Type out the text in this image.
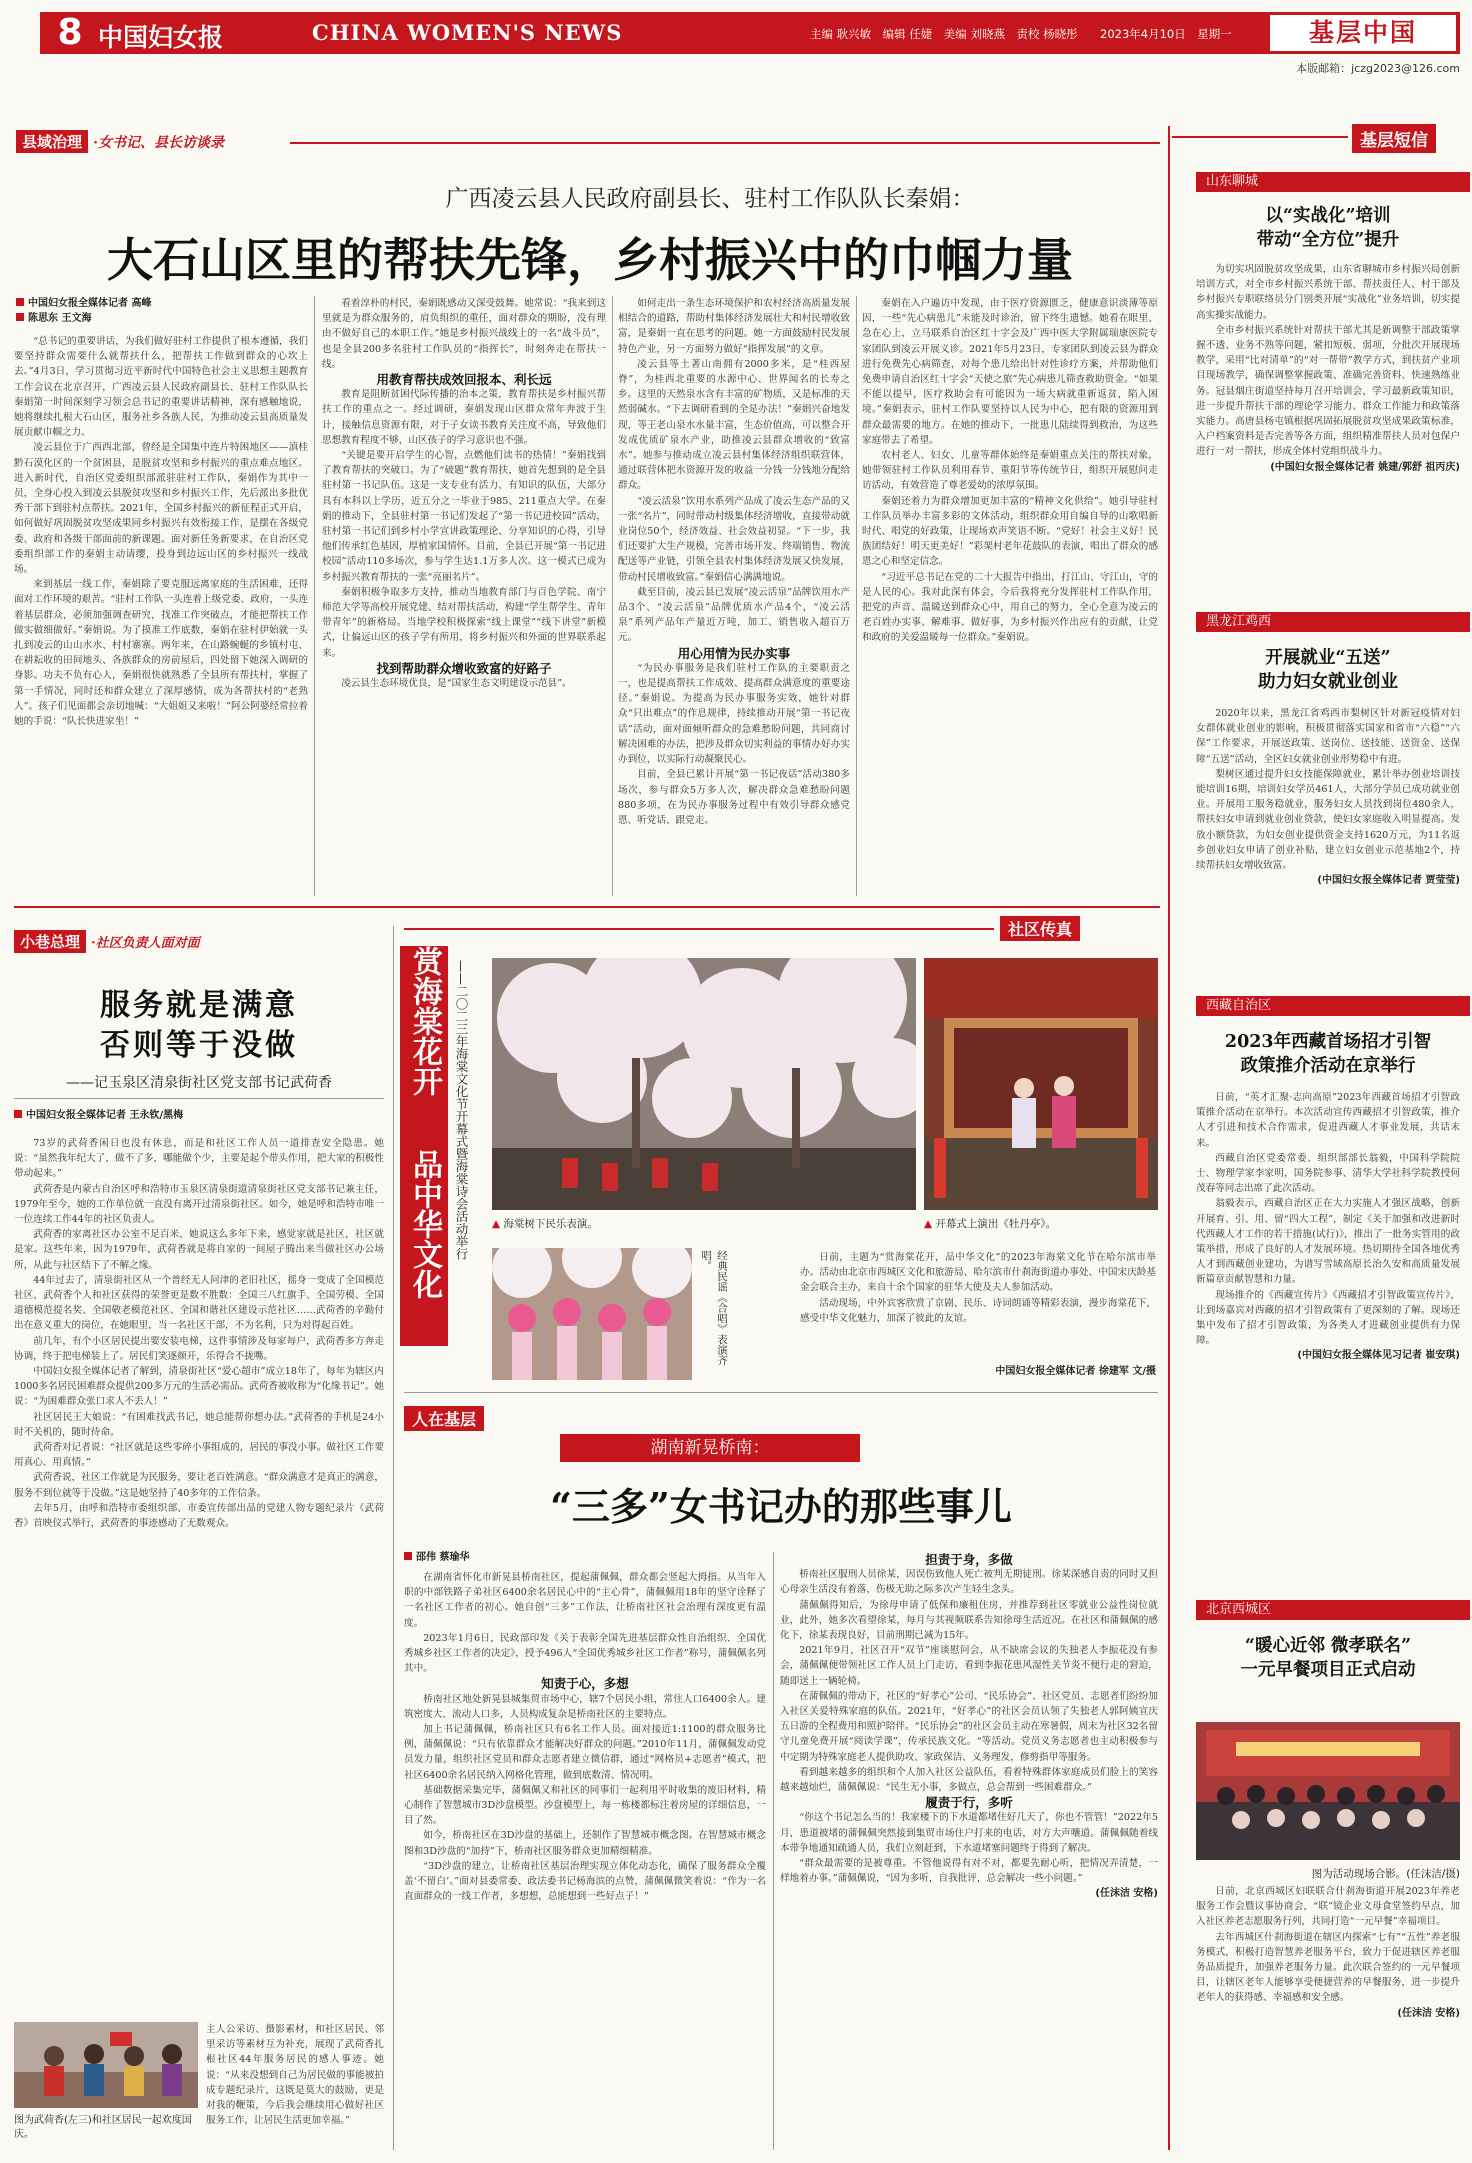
8 中国妇女报	CHINA WOMEN'S NEWS	主编 耿兴敏　编辑 任婕　美编 刘晓燕　责校 杨晓彤 2023年4月10日　星期一	基层中国
本版邮箱：jczg2023@126.com
县域治理 ·女书记、县长访谈录
广西凌云县人民政府副县长、驻村工作队队长秦娟：
大石山区里的帮扶先锋，乡村振兴中的巾帼力量
中国妇女报全媒体记者 高峰
陈思东 王文海

“总书记的重要讲话，为我们做好驻村工作提供了根本遵循，我们要坚持群众需要什么就帮扶什么，把帮扶工作做到群众的心坎上去。”4月3日，学习贯彻习近平新时代中国特色社会主义思想主题教育工作会议在北京召开，广西凌云县人民政府副县长、驻村工作队队长秦娟第一时间深刻学习领会总书记的重要讲话精神，深有感触地说，她将继续扎根大石山区，服务社乡各族人民，为推动凌云县高质量发展贡献巾帼之力。

凌云县位于广西西北部，曾经是全国集中连片特困地区——滇桂黔石漠化区的一个贫困县，是脱贫攻坚和乡村振兴的重点难点地区。进入新时代，自治区党委组织部派驻驻村工作队，秦娟作为其中一员，全身心投入到凌云县脱贫攻坚和乡村振兴工作，先后派出多批优秀干部下到驻村点帮扶。2021年，全国乡村振兴的新征程正式开启，如何做好巩固脱贫攻坚成果同乡村振兴有效衔接工作，是摆在各级党委、政府和各级干部面前的新课题。面对新任务新要求，在自治区党委组织部工作的秦娟主动请缨，投身到边远山区的乡村振兴一线战场。

来到基层一线工作，秦娟除了要克服远离家庭的生活困难，还得面对工作环境的艰苦。“驻村工作队一头连着上级党委、政府，一头连着基层群众，必须加强调查研究，找准工作突破点，才能把帮扶工作做实做细做好。”秦娟说。为了摸准工作底数，秦娟在驻村伊始就一头扎到凌云的山山水水、村村寨寨。两年来，在山路蜿蜒的乡镇村屯、在耕耘收的田间地头、各族群众的房前屋后，四处留下她深入调研的身影。功夫不负有心人，秦娟很快就熟悉了全县所有帮扶村，掌握了第一手情况，同时还和群众建立了深厚感情，成为各帮扶村的“老熟人”。孩子们见面都会亲切地喊：“大姐姐又来啦！”阿公阿婆经常拉着她的手说：“队长快进家坐！”

看着淳朴的村民，秦娟既感动又深受鼓舞。她常说：“我来到这里就是为群众服务的，肩负组织的重任，面对群众的期盼，没有理由不做好自己的本职工作。”她是乡村振兴战线上的一名“战斗员”，也是全县200多名驻村工作队员的“指挥长”，时刻奔走在帮扶一线。

用教育帮扶成效回报本、利长远

教育是阻断贫困代际传播的治本之策，教育帮扶是乡村振兴帮扶工作的重点之一。经过调研，秦娟发现山区群众常年奔波于生计，接触信息资源有限，对于子女读书教育关注度不高，导致他们思想教育程度不够，山区孩子的学习意识也不强。

“关键是要开启学生的心智，点燃他们读书的热情！”秦娟找到了教育帮扶的突破口。为了“破题”教育帮扶，她首先想到的是全县驻村第一书记队伍。这是一支专业有活力、有知识的队伍，大部分具有本科以上学历，近五分之一毕业于985、211重点大学。在秦娟的推动下，全县驻村第一书记们发起了“第一书记进校园”活动，驻村第一书记们到乡村小学宣讲政策理论、分享知识的心得，引导他们传承红色基因，厚植家国情怀。目前，全县已开展“第一书记进校园”活动110多场次，参与学生达1.1万多人次。这一模式已成为乡村振兴教育帮扶的一张“亮丽名片”。

秦娟积极争取多方支持，推动当地教育部门与百色学院、南宁师范大学等高校开展党建、结对帮扶活动，构建“学生帮学生、青年带青年”的新格局。当地学校积极探索“线上课堂”“线下讲堂”新模式，让偏远山区的孩子学有所用，将乡村振兴和外面的世界联系起来。

找到帮助群众增收致富的好路子

凌云县生态环境优良，是“国家生态文明建设示范县”。

如何走出一条生态环境保护和农村经济高质量发展相结合的道路，帮助村集体经济发展壮大和村民增收致富，是秦娟一直在思考的问题。她一方面鼓励村民发展特色产业，另一方面努力做好“指挥发展”的文章。

凌云县等土著山南拥有2000多米，是“桂西屋脊”，为桂西北重要的水源中心、世界闻名的长寿之乡。这里的天然泉水含有丰富的矿物质，又是标准的天然弱碱水。“下去调研看到的全是办法！”秦娟兴奋地发现，等王老山泉水水量丰富，生态价值高，可以整合开发成优质矿泉水产业，助推凌云县群众增收的“致富水”。她参与推动成立凌云县村集体经济组织联营体，通过联营体把水资源开发的收益一分钱一分钱地分配给群众。

“凌云活泉”饮用水系列产品成了凌云生态产品的又一张“名片”，同时带动村级集体经济增收，直接带动就业岗位50个，经济效益、社会效益初显。“下一步，我们还要扩大生产规模，完善市场开发、终端销售、物流配送等产业链，引领全县农村集体经济发展又快发展，带动村民增收致富。”秦娟信心满满地说。

截至目前，凌云县已发展“凌云活泉”品牌饮用水产品3个、“凌云活泉”品牌优质水产品4个，“凌云活泉”系列产品年产量近万吨，加工、销售收入超百万元。

用心用情为民办实事

“为民办事服务是我们驻村工作队的主要职责之一，也是提高帮扶工作成效、提高群众满意度的重要途径。”秦娟说。为提高为民办事服务实效，她针对群众“只出难点”的作息规律，持续推动开展“第一书记夜话”活动，面对面倾听群众的急难愁盼问题，共同商讨解决困难的办法，把涉及群众切实利益的事情办好办实办到位，以实际行动凝聚民心。

目前，全县已累计开展“第一书记夜话”活动380多场次，参与群众5万多人次，解决群众急难愁盼问题880多项，在为民办事服务过程中有效引导群众感党恩、听党话、跟党走。

秦娟在入户遍访中发现，由于医疗资源匮乏，健康意识淡薄等原因，一些“先心病患儿”未能及时诊治，留下终生遗憾。她看在眼里、急在心上，立马联系自治区红十字会及广西中医大学附属瑞康医院专家团队到凌云开展义诊。2021年5月23日，专家团队到凌云县为群众进行免费先心病筛查，对每个患儿给出针对性诊疗方案，并帮助他们免费申请自治区红十字会“天使之旅”先心病患儿筛查救助资金。“如果不能以提早，医疗救助会有可能因为一场大病就重新返贫，陷入困境。”秦娟表示，驻村工作队要坚持以人民为中心，把有限的资源用到群众最需要的地方。在她的推动下，一批患儿陆续得到救治，为这些家庭带去了希望。

农村老人、妇女、儿童等群体始终是秦娟重点关注的帮扶对象，她带领驻村工作队员利用春节、重阳节等传统节日，组织开展慰问走访活动，有效营造了尊老爱幼的浓厚氛围。

秦娟还着力为群众增加更加丰富的“精神文化供给”。她引导驻村工作队员举办丰富多彩的文体活动，组织群众用自编自导的山歌唱新时代、唱党的好政策，让现场欢声笑语不断。“党好！社会主义好！民族团结好！明天更美好！”彩架村老年花鼓队的表演，唱出了群众的感恩之心和坚定信念。

“习近平总书记在党的二十大报告中指出，打江山、守江山，守的是人民的心。我对此深有体会，今后我将充分发挥驻村工作队作用，把党的声音、温暖送到群众心中，用自己的努力，全心全意为凌云的老百姓办实事、解难事、做好事，为乡村振兴作出应有的贡献，让党和政府的关爱温暖每一位群众。”秦娟说。

小巷总理 ·社区负责人面对面
服务就是满意
否则等于没做
——记玉泉区清泉街社区党支部书记武荷香
中国妇女报全媒体记者 王永钦/黑梅

73岁的武荷香闲日也没有休息，而是和社区工作人员一道排查安全隐患。她说：“虽然我年纪大了，做不了多，哪能做个少，主要是起个带头作用，把大家的积极性带动起来。”

武荷香是内蒙古自治区呼和浩特市玉泉区清泉街道清泉街社区党支部书记兼主任，1979年至今，她的工作单位就一直没有离开过清泉街社区。如今，她是呼和浩特市唯一一位连续工作44年的社区负责人。

武荷香的家离社区办公室不足百米，她说这么多年下来，感觉家就是社区，社区就是家。这些年来，因为1979年，武荷香就是将自家的一间屋子腾出来当做社区办公场所，从此与社区结下了不解之缘。

44年过去了，清泉街社区从一个普经无人问津的老旧社区，摇身一变成了全国模范社区，武荷香个人和社区获得的荣誉更是数不胜数：全国三八红旗手、全国劳模、全国道德模范提名奖、全国敬老模范社区、全国和谐社区建设示范社区……武荷香的辛勤付出在意义重大的岗位，在她眼里，当一名社区干部，不为名利，只为对得起百姓。

前几年，有个小区居民提出要安装电梯，这件事情涉及每家每户，武荷香多方奔走协调，终于把电梯装上了。居民们笑逐颜开，乐得合不拢嘴。

中国妇女报全媒体记者了解到，清泉街社区“爱心超市”成立18年了，每年为辖区内1000多名居民困难群众提供200多万元的生活必需品。武荷香被收称为“化缘书记”。她说：“为困难群众张口求人不丢人！”

社区居民王大娘说：“有困难找武书记，她总能帮你想办法。”武荷香的手机是24小时不关机的，随时待命。

武荷香对记者说：“社区就是这些零碎小事组成的，居民的事没小事。做社区工作要用真心、用真情。”

武荷香说，社区工作就是为民服务，要让老百姓满意。“群众满意才是真正的满意，服务不到位就等于没做。”这是她坚持了40多年的工作信条。

去年5月，由呼和浩特市委组织部、市委宣传部出品的党建人物专题纪录片《武荷香》首映仪式举行，武荷香的事迹感动了无数观众。

图为武荷香(左三)和社区居民一起欢度国庆。

主人公采访、摄影素材，和社区居民、邻里采访等素材互为补充，展现了武荷香扎根社区44年服务居民的感人事迹。她说：“从来没想到自己为居民做的事能被拍成专题纪录片，这既是莫大的鼓励，更是对我的鞭策，今后我会继续用心做好社区服务工作，让居民生活更加幸福。”

社区传真
赏海棠花开
品中华文化 ——二〇二三年海棠文化节开幕式暨海棠诗会活动举行 ▲ 海棠树下民乐表演。	▲ 开幕式上演出《牡丹亭》。
经典民谣《合唱》表演齐唱。	日前，主题为“赏海棠花开，品中华文化”的2023年海棠文化节在哈尔滨市举办。活动由北京市西城区文化和旅游局、哈尔滨市什刹海街道办事处、中国宋庆龄基金会联合主办，来自十余个国家的驻华大使及夫人参加活动。

活动现场，中外宾客欣赏了京剧、民乐、诗词朗诵等精彩表演，漫步海棠花下，感受中华文化魅力，加深了彼此的友谊。

中国妇女报全媒体记者 徐建军 文/摄
人在基层
湖南新晃桥南：
“三多”女书记办的那些事儿
邵伟 蔡瑜华

在湖南省怀化市新晃县桥南社区，提起蒲佩佩，群众都会竖起大拇指。从当年入职的中部铁路子弟社区6400余名居民心中的“主心骨”，蒲佩佩用18年的坚守诠释了一名社区工作者的初心。她自创“三多”工作法，让桥南社区社会治理有深度更有温度。

2023年1月6日，民政部印发《关于表彰全国先进基层群众性自治组织、全国优秀城乡社区工作者的决定》，授予496人“全国优秀城乡社区工作者”称号，蒲佩佩名列其中。

知责于心，多想

桥南社区地处新晃县城集贸市场中心，辖7个居民小组，常住人口6400余人。建筑密度大、流动人口多，人员构成复杂是桥南社区的主要特点。

加上书记蒲佩佩，桥南社区只有6名工作人员。面对接近1:1100的群众服务比例，蒲佩佩说：“只有依靠群众才能解决好群众的问题。”2010年11月，蒲佩佩发动党员发力量，组织社区党员和群众志愿者建立微信群，通过“网格员+志愿者”模式，把社区6400余名居民纳入网格化管理，做到底数清、情况明。

基础数据采集完毕，蒲佩佩又和社区的同事们一起利用平时收集的废旧材料，精心制作了智慧城市3D沙盘模型。沙盘模型上，每一栋楼都标注着房屋的详细信息，一目了然。

如今，桥南社区在3D沙盘的基础上，还制作了智慧城市概念图。在智慧城市概念图和3D沙盘的“加持”下，桥南社区服务群众更加精细精准。

“3D沙盘的建立，让桥南社区基层治理实现立体化动态化，确保了服务群众全覆盖‘不留白’。”面对县委常委、政法委书记杨海滨的点赞，蒲佩佩微笑着说：“作为一名直面群众的一线工作者，多想想，总能想到一些好点子！”

担责于身，多做

桥南社区服刑人员徐某，因误伤致他人死亡被判无期徒刑。徐某深感自责的同时又担心母亲生活没有着落，伤极无助之际多次产生轻生念头。

蒲佩佩得知后，为徐母申请了低保和廉租住房，并推荐到社区零就业公益性岗位就业，此外，她多次看望徐某，每月与其视频联系告知徐母生活近况。在社区和蒲佩佩的感化下，徐某表现良好，目前刑期已减为15年。

2021年9月，社区召开“双节”座谈慰问会，从不缺席会议的失独老人李振花没有参会，蒲佩佩便带领社区工作人员上门走访，看到李振花患风湿性关节炎不便行走的窘迫，随即送上一辆轮椅。

在蒲佩佩的带动下，社区的“好孝心”公司、“民乐协会”、社区党员、志愿者们纷纷加入社区关爱特殊家庭的队伍。2021年，“好孝心”的社区会员认领了失独老人郭阿姨宣庆五日游的全程费用和照护陪伴。“民乐协会”的社区会员主动在寒暑假，周末为社区32名留守儿童免费开展“阅读学课”，传承民族文化。“等活动。党员义务志愿者也主动积极参与中定期为特殊家庭老人提供助攻、家政保洁、义务理发，修剪指甲等服务。

看到越来越多的组织和个人加入社区公益队伍，看着特殊群体家庭成员们脸上的笑容越来越灿烂，蒲佩佩说：“民生无小事，多做点，总会帮到一些困难群众。”

履责于行，多听

“你这个书记怎么当的！我家楼下的下水道都堵住好几天了，你也不管管！”2022年5月，患道被堵的蒲佩佩突然接到集贸市场住户打来的电话，对方大声嚷道。蒲佩佩随着线本带争地通知疏通人员，我们立刻赶到，下水道堵塞问题终于得到了解决。

“群众最需要的是被尊重。不管他说得有对不对，都要先耐心听，把情况弄清楚，一样地着办事。”蒲佩佩说，“因为多听，自我批评，总会解决一些小问题。”

(任沫洁 安格)

基层短信
山东聊城
以“实战化”培训
带动“全方位”提升

为切实巩固脱贫攻坚成果，山东省聊城市乡村振兴局创新培训方式，对全市乡村振兴系统干部、帮扶责任人、村干部及乡村振兴专职联络员分门别类开展“实战化”业务培训，切实提高实操实战能力。

全市乡村振兴系统针对帮扶干部尤其是新调整干部政策掌握不透、业务不熟等问题，紧扣短板、弱项，分批次开展现场教学，采用“比对清单”的“对一帮带”教学方式，到扶贫产业项目现场教学，确保调整掌握政策、准确完善资料、快速熟练业务。冠县烟庄街道坚持每月召开培训会，学习最新政策知识，进一步提升帮扶干部的理论学习能力、群众工作能力和政策落实能力。高唐县杨屯镇根据巩固拓展脱贫攻坚成果政策标准，入户档案资料是否完善等各方面，组织精准帮扶人员对包保户进行一对一帮扶，形成全体村党组织战斗力。

(中国妇女报全媒体记者 姚建/郭舒 祖丙庆)

黑龙江鸡西
开展就业“五送”
助力妇女就业创业

2020年以来，黑龙江省鸡西市梨树区针对新冠疫情对妇女群体就业创业的影响，积极贯彻落实国家和省市“六稳”“六保”工作要求，开展送政策、送岗位、送技能、送资金、送保障“五送”活动，全区妇女就业创业形势稳中有进。

梨树区通过提升妇女技能保障就业，累计举办创业培训技能培训16期，培训妇女学员461人，大部分学员已成功就业创业。开展用工服务稳就业，服务妇女人员找到岗位480余人，帮扶妇女申请到就业创业贷款，使妇女家庭收入明显提高。发放小额贷款，为妇女创业提供资金支持1620万元，为11名返乡创业妇女申请了创业补贴，建立妇女创业示范基地2个，持续帮扶妇女增收致富。

(中国妇女报全媒体记者 贾莹莹)

西藏自治区
2023年西藏首场招才引智
政策推介活动在京举行

日前，“英才汇聚·志向高原”2023年西藏首场招才引智政策推介活动在京举行。本次活动宣传西藏招才引智政策，推介人才引进和技术合作需求，促进西藏人才事业发展，共话未来。

西藏自治区党委常委、组织部部长翁毅，中国科学院院士、物理学家李家明，国务院参事、清华大学社科学院教授何茂春等同志出席了此次活动。

翁毅表示，西藏自治区正在大力实施人才强区战略，创新开展育、引、用、留“四大工程”，制定《关于加强和改进新时代西藏人才工作的若干措施(试行)》，推出了一批务实管用的政策举措，形成了良好的人才发展环境。热切期待全国各地优秀人才到西藏创业建功，为谱写雪域高原长治久安和高质量发展新篇章贡献智慧和力量。

现场推介的《西藏宣传片》《西藏招才引智政策宣传片》，让到场嘉宾对西藏的招才引智政策有了更深刻的了解。现场还集中发布了招才引智政策，为各类人才进藏创业提供有力保障。

(中国妇女报全媒体见习记者 崔安琪)

北京西城区
“暖心近邻 微孝联名”
一元早餐项目正式启动
图为活动现场合影。(任沫洁/摄)

日前，北京西城区妇联联合什刹海街道开展2023年养老服务工作会暨议事协商会，“联”镜企业文母食堂签约早点，加入社区养老志愿服务行列，共同打造“一元早餐”幸福项目。

去年西城区什刹海街道在辖区内探索“七有”“五性”养老服务模式，积极打造智慧养老服务平台，致力于促进辖区养老服务品质提升，加强养老服务力量。此次联合签约的一元早餐项目，让辖区老年人能够享受便捷营养的早餐服务，进一步提升老年人的获得感、幸福感和安全感。

(任沫洁 安格)
